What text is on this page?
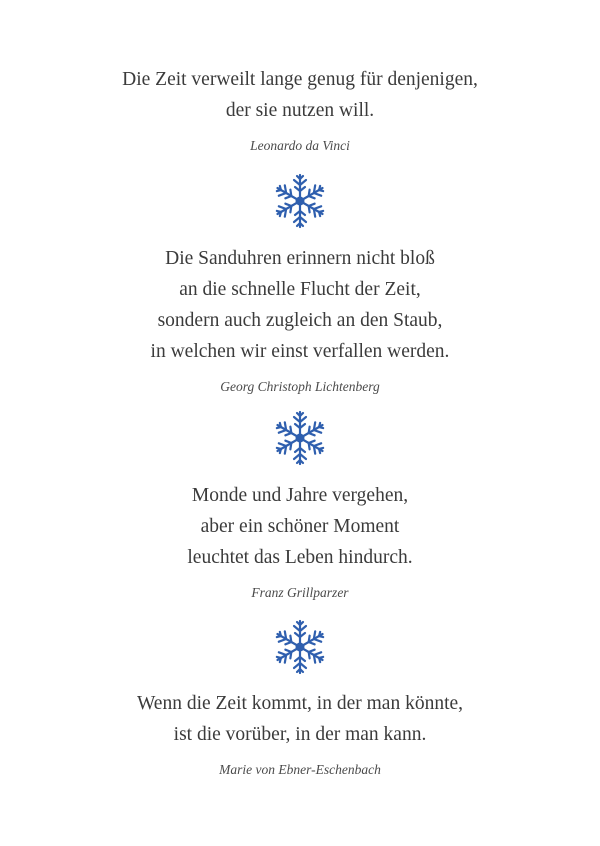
Die Zeit verweilt lange genug für denjenigen,
der sie nutzen will.
Leonardo da Vinci
Die Sanduhren erinnern nicht bloß
an die schnelle Flucht der Zeit,
sondern auch zugleich an den Staub,
in welchen wir einst verfallen werden.
Georg Christoph Lichtenberg
Monde und Jahre vergehen,
aber ein schöner Moment
leuchtet das Leben hindurch.
Franz Grillparzer
Wenn die Zeit kommt, in der man könnte,
ist die vorüber, in der man kann.
Marie von Ebner-Eschenbach
